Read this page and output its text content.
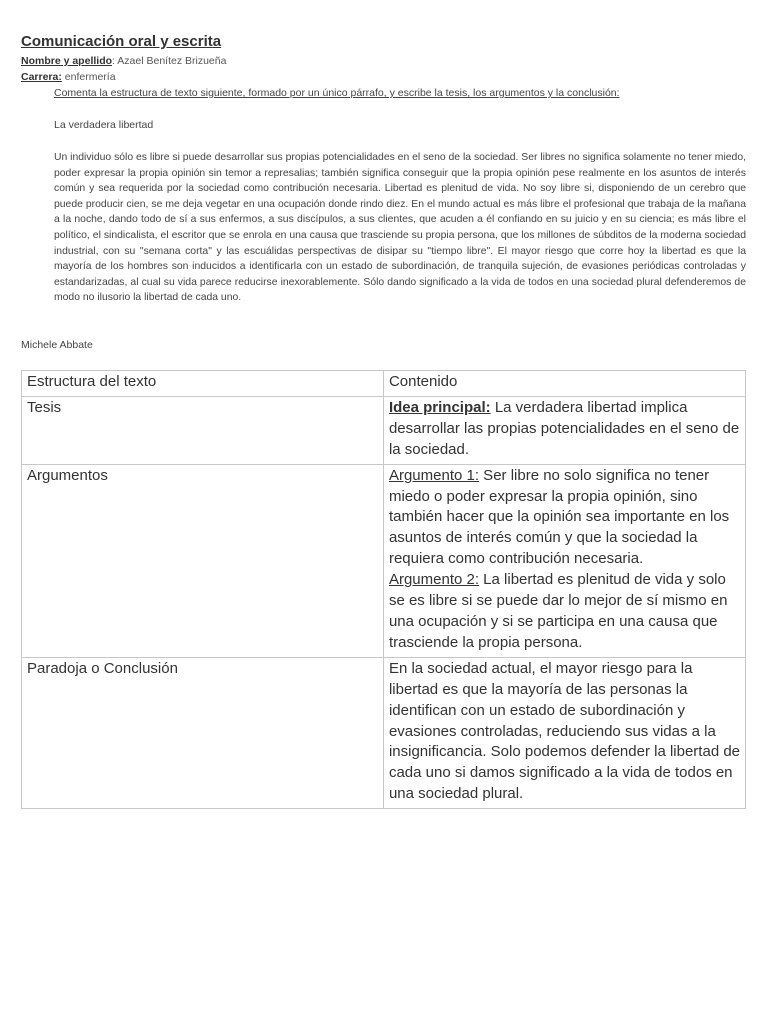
Comunicación oral y escrita
Nombre y apellido: Azael Benítez Brizueña
Carrera: enfermería
Comenta la estructura de texto siguiente, formado por un único párrafo, y escribe la tesis, los argumentos y la conclusión:
La verdadera libertad
Un individuo sólo es libre si puede desarrollar sus propias potencialidades en el seno de la sociedad. Ser libres no significa solamente no tener miedo, poder expresar la propia opinión sin temor a represalias; también significa conseguir que la propia opinión pese realmente en los asuntos de interés común y sea requerida por la sociedad como contribución necesaria. Libertad es plenitud de vida. No soy libre si, disponiendo de un cerebro que puede producir cien, se me deja vegetar en una ocupación donde rindo diez. En el mundo actual es más libre el profesional que trabaja de la mañana a la noche, dando todo de sí a sus enfermos, a sus discípulos, a sus clientes, que acuden a él confiando en su juicio y en su ciencia; es más libre el político, el sindicalista, el escritor que se enrola en una causa que trasciende su propia persona, que los millones de súbditos de la moderna sociedad industrial, con su "semana corta" y las escuálidas perspectivas de disipar su "tiempo libre". El mayor riesgo que corre hoy la libertad es que la mayoría de los hombres son inducidos a identificarla con un estado de subordinación, de tranquila sujeción, de evasiones periódicas controladas y estandarizadas, al cual su vida parece reducirse inexorablemente. Sólo dando significado a la vida de todos en una sociedad plural defenderemos de modo no ilusorio la libertad de cada uno.
Michele Abbate
Estructura del texto	Contenido
Tesis	Idea principal: La verdadera libertad implica desarrollar las propias potencialidades en el seno de la sociedad.
Argumentos	Argumento 1: Ser libre no solo significa no tener miedo o poder expresar la propia opinión, sino también hacer que la opinión sea importante en los asuntos de interés común y que la sociedad la requiera como contribución necesaria.
Argumento 2: La libertad es plenitud de vida y solo se es libre si se puede dar lo mejor de sí mismo en una ocupación y si se participa en una causa que trasciende la propia persona.
Paradoja o Conclusión	En la sociedad actual, el mayor riesgo para la libertad es que la mayoría de las personas la identifican con un estado de subordinación y evasiones controladas, reduciendo sus vidas a la insignificancia. Solo podemos defender la libertad de cada uno si damos significado a la vida de todos en una sociedad plural.
